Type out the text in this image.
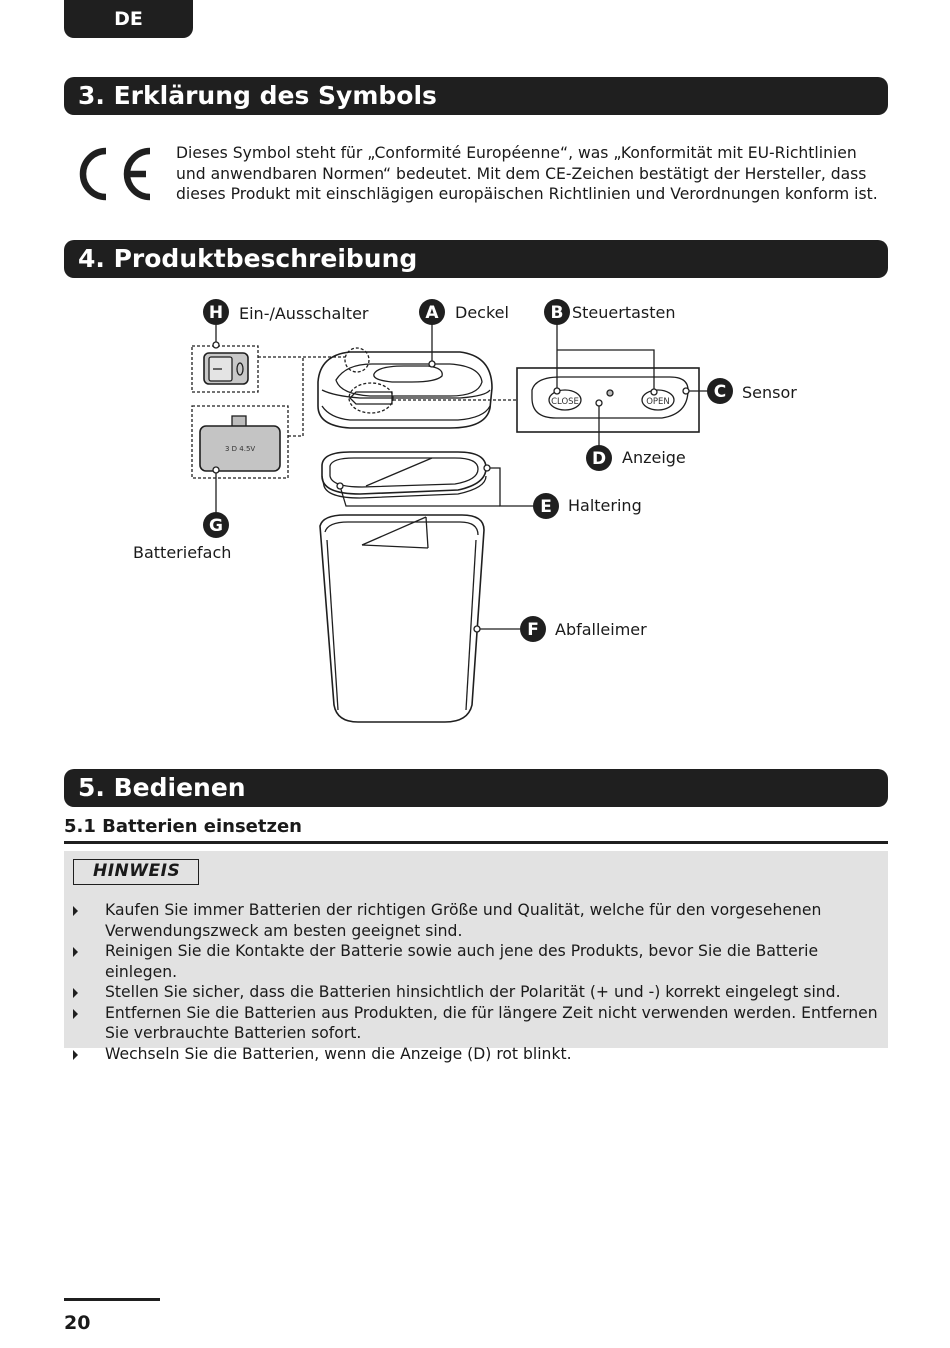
DE
3. Erklärung des Symbols

Dieses Symbol steht für „Conformité Européenne“, was „Konformität mit EU-Richtlinien und anwendbaren Normen“ bedeutet. Mit dem CE-Zeichen bestätigt der Hersteller, dass dieses Produkt mit einschlägigen europäischen Richtlinien und Verordnungen konform ist.

4. Produktbeschreibung
3 D 4.5V
CLOSE	OPEN
H	A	B
C
D
E
F
G
Ein-/Ausschalter	Deckel	Steuertasten
Sensor
Anzeige
Haltering
Abfalleimer
Batteriefach
5. Bedienen

5.1 Batterien einsetzen

HINWEIS
Kaufen Sie immer Batterien der richtigen Größe und Qualität, welche für den vorgesehenen Verwendungszweck am besten geeignet sind.
Reinigen Sie die Kontakte der Batterie sowie auch jene des Produkts, bevor Sie die Batterie einlegen.
Stellen Sie sicher, dass die Batterien hinsichtlich der Polarität (+ und -) korrekt eingelegt sind.
Entfernen Sie die Batterien aus Produkten, die für längere Zeit nicht verwenden werden. Entfernen Sie verbrauchte Batterien sofort.
Wechseln Sie die Batterien, wenn die Anzeige (D) rot blinkt.
20
